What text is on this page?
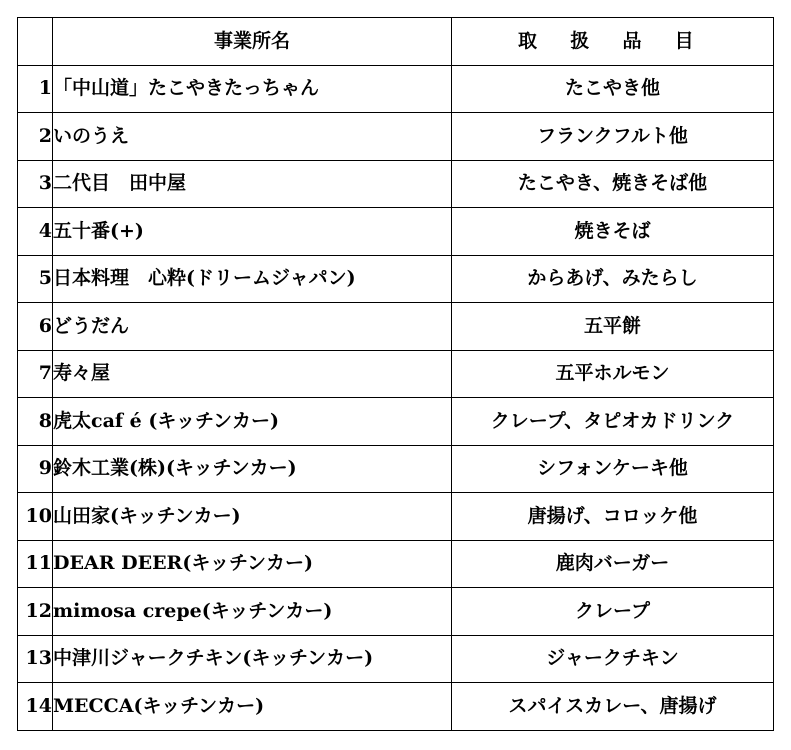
	事業所名	取 扱 品 目
1	「中山道」たこやきたっちゃん	たこやき他
2	いのうえ	フランクフルト他
3	二代目　田中屋	たこやき、焼きそば他
4	五十番(+)	焼きそば
5	日本料理　心粋(ドリームジャパン)	からあげ、みたらし
6	どうだん	五平餅
7	寿々屋	五平ホルモン
8	虎太caf é (キッチンカー)	クレープ、タピオカドリンク
9	鈴木工業(株)(キッチンカー)	シフォンケーキ他
10	山田家(キッチンカー)	唐揚げ、コロッケ他
11	DEAR DEER(キッチンカー)	鹿肉バーガー
12	mimosa crepe(キッチンカー)	クレープ
13	中津川ジャークチキン(キッチンカー)	ジャークチキン
14	MECCA(キッチンカー)	スパイスカレー、唐揚げ
